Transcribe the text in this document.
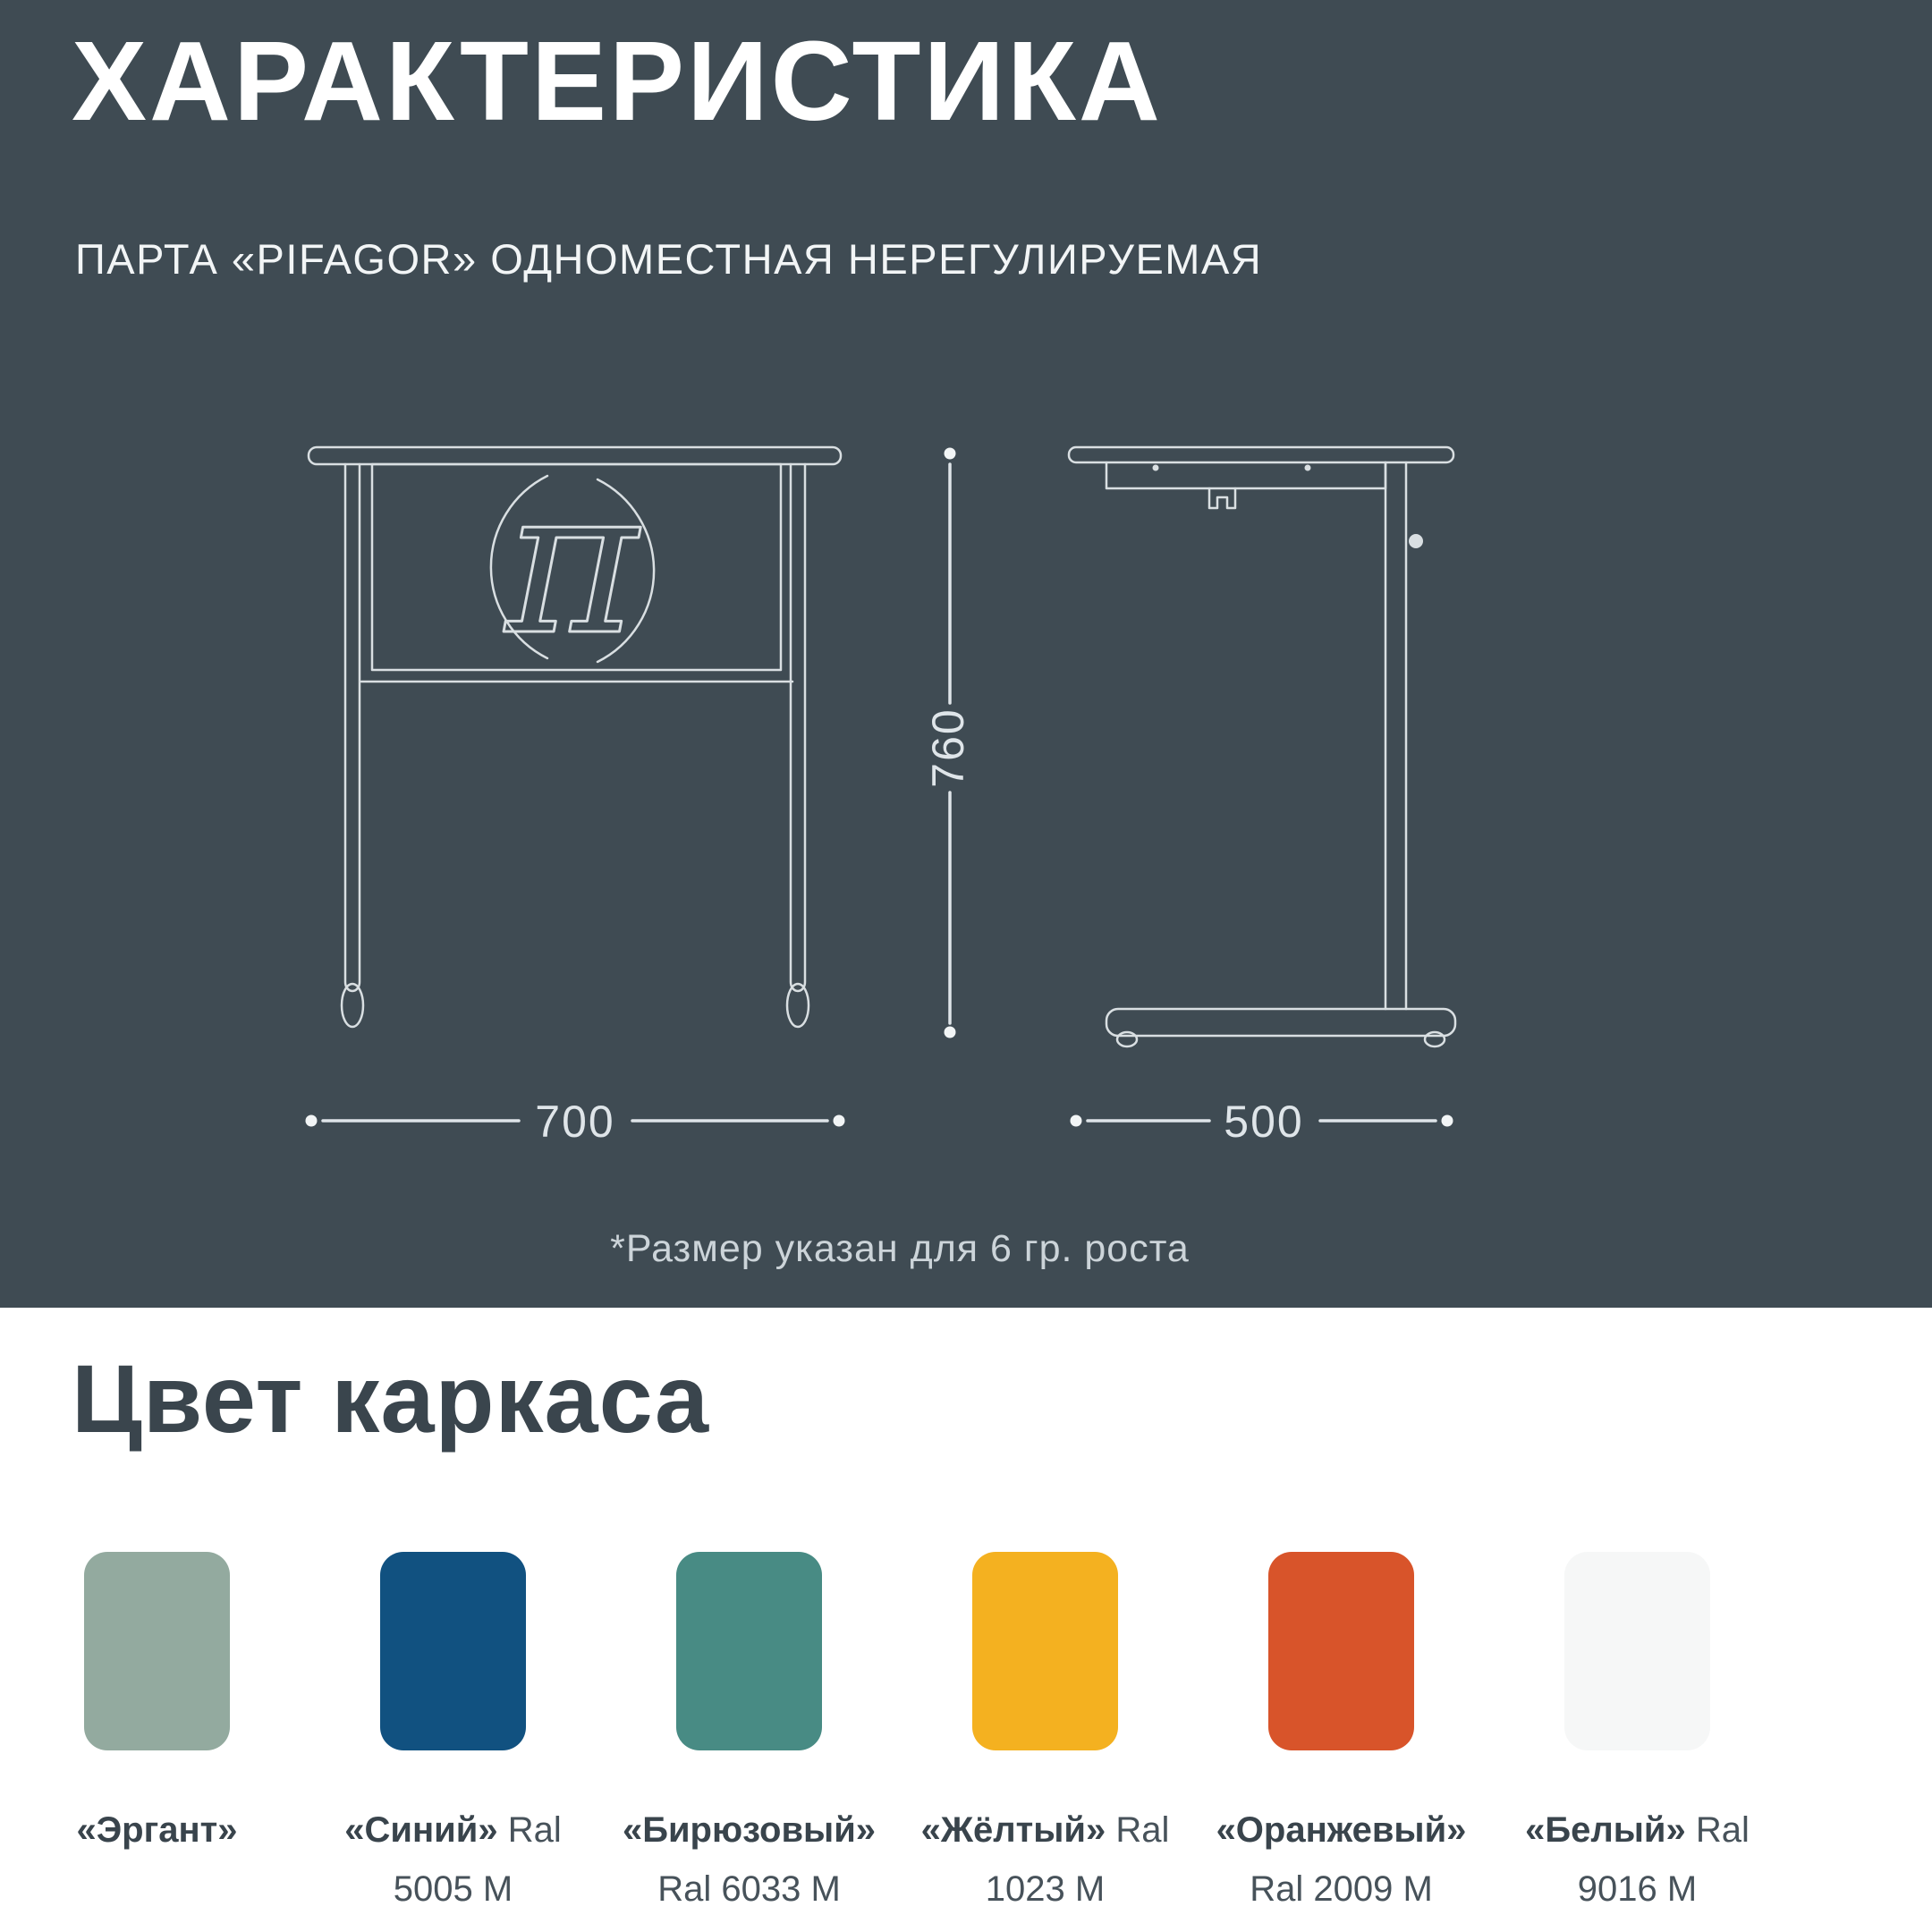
ХАРАКТЕРИСТИКА
ПАРТА «PIFAGOR» ОДНОМЕСТНАЯ НЕРЕГУЛИРУЕМАЯ
π
760
700	500
*Размер указан для 6 гр. роста
Цвет каркаса
«Эргант»	«Синий» Ral 5005 M
«Бирюзовый» Ral 6033 M
«Жёлтый» Ral 1023 M
«Оранжевый» Ral 2009 M
«Белый» Ral 9016 M
